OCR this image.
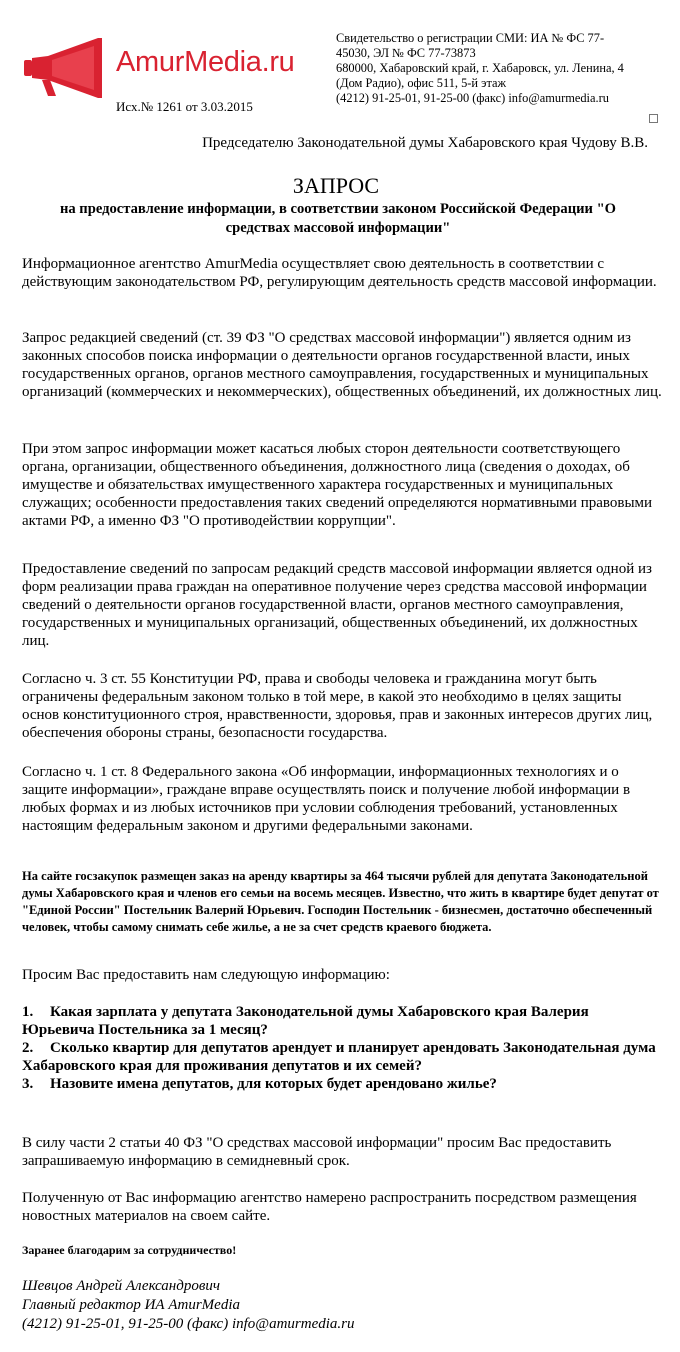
AmurMedia.ru
Исх.№ 1261 от 3.03.2015
Свидетельство о регистрации СМИ: ИА № ФС 77-
45030, ЭЛ № ФС 77-73873
680000, Хабаровский край, г. Хабаровск, ул. Ленина, 4
(Дом Радио), офис 511, 5-й этаж
(4212) 91-25-01, 91-25-00 (факс) info@amurmedia.ru
Председателю Законодательной думы Хабаровского края Чудову В.В.
ЗАПРОС
на предоставление информации, в соответствии законом Российской Федерации "О средствах массовой информации"
Информационное агентство AmurMedia осуществляет свою деятельность в соответствии с действующим законодательством РФ, регулирующим деятельность средств массовой информации.
Запрос редакцией сведений (ст. 39 ФЗ "О средствах массовой информации") является одним из законных способов поиска информации о деятельности органов государственной власти, иных государственных органов, органов местного самоуправления, государственных и муниципальных организаций (коммерческих и некоммерческих), общественных объединений, их должностных лиц.
При этом запрос информации может касаться любых сторон деятельности соответствующего органа, организации, общественного объединения, должностного лица (сведения о доходах, об имуществе и обязательствах имущественного характера государственных и муниципальных служащих; особенности предоставления таких сведений определяются нормативными правовыми актами РФ, а именно ФЗ "О противодействии коррупции".
Предоставление сведений по запросам редакций средств массовой информации является одной из форм реализации права граждан на оперативное получение через средства массовой информации сведений о деятельности органов государственной власти, органов местного самоуправления, государственных и муниципальных организаций, общественных объединений, их должностных лиц.
Согласно ч. 3 ст. 55 Конституции РФ, права и свободы человека и гражданина могут быть ограничены федеральным законом только в той мере, в какой это необходимо в целях защиты основ конституционного строя, нравственности, здоровья, прав и законных интересов других лиц, обеспечения обороны страны, безопасности государства.
Согласно ч. 1 ст. 8 Федерального закона «Об информации, информационных технологиях и о защите информации», граждане вправе осуществлять поиск и получение любой информации в любых формах и из любых источников при условии соблюдения требований, установленных настоящим федеральным законом и другими федеральными законами.
На сайте госзакупок размещен заказ на аренду квартиры за 464 тысячи рублей для депутата Законодательной думы Хабаровского края и членов его семьи на восемь месяцев. Известно, что жить в квартире будет депутат от "Единой России" Постельник Валерий Юрьевич. Господин Постельник - бизнесмен, достаточно обеспеченный человек, чтобы самому снимать себе жилье, а не за счет средств краевого бюджета.
Просим Вас предоставить нам следующую информацию:

1. Какая зарплата у депутата Законодательной думы Хабаровского края Валерия Юрьевича Постельника за 1 месяц?

2. Сколько квартир для депутатов арендует и планирует арендовать Законодательная дума Хабаровского края для проживания депутатов и их семей?

3. Назовите имена депутатов, для которых будет арендовано жилье?

В силу части 2 статьи 40 ФЗ "О средствах массовой информации" просим Вас предоставить запрашиваемую информацию в семидневный срок.
Полученную от Вас информацию агентство намерено распространить посредством размещения новостных материалов на своем сайте.
Заранее благодарим за сотрудничество!
Шевцов Андрей Александрович
Главный редактор ИА AmurMedia
(4212) 91-25-01, 91-25-00 (факс) info@amurmedia.ru
